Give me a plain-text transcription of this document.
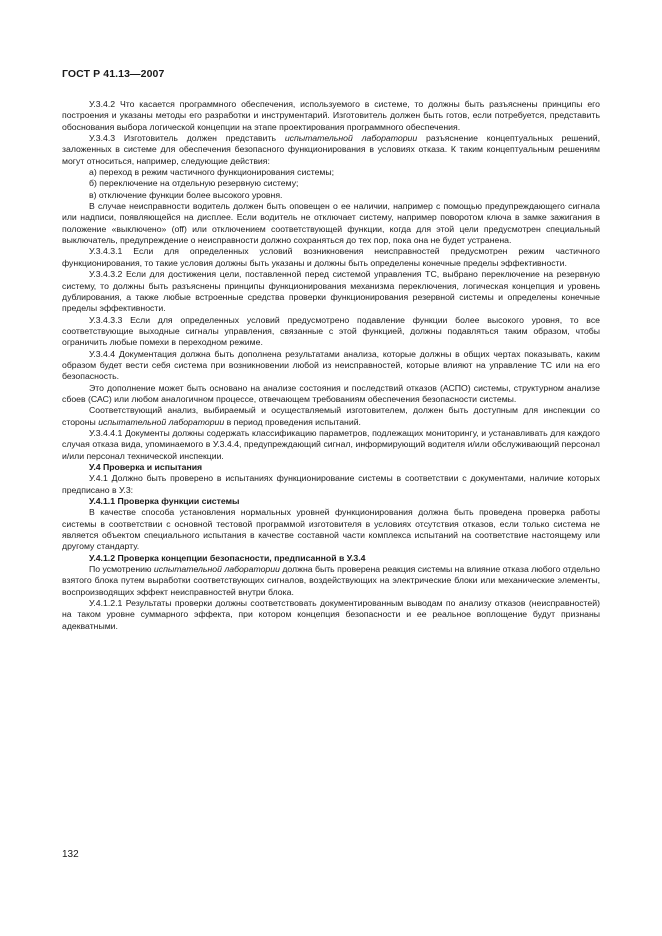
ГОСТ Р 41.13—2007

У.3.4.2 Что касается программного обеспечения, используемого в системе, то должны быть разъяснены принципы его построения и указаны методы его разработки и инструментарий. Изготовитель должен быть готов, если потребуется, представить обоснования выбора логической концепции на этапе проектирования программного обеспечения.

У.3.4.3 Изготовитель должен представить испытательной лаборатории разъяснение концептуальных решений, заложенных в системе для обеспечения безопасного функционирования в условиях отказа. К таким концептуальным решениям могут относиться, например, следующие действия:

а) переход в режим частичного функционирования системы;

б) переключение на отдельную резервную систему;

в) отключение функции более высокого уровня.

В случае неисправности водитель должен быть оповещен о ее наличии, например с помощью предупреждающего сигнала или надписи, появляющейся на дисплее. Если водитель не отключает систему, например поворотом ключа в замке зажигания в положение «выключено» (off) или отключением соответствующей функции, когда для этой цели предусмотрен специальный выключатель, предупреждение о неисправности должно сохраняться до тех пор, пока она не будет устранена.

У.3.4.3.1 Если для определенных условий возникновения неисправностей предусмотрен режим частичного функционирования, то такие условия должны быть указаны и должны быть определены конечные пределы эффективности.

У.3.4.3.2 Если для достижения цели, поставленной перед системой управления ТС, выбрано переключение на резервную систему, то должны быть разъяснены принципы функционирования механизма переключения, логическая концепция и уровень дублирования, а также любые встроенные средства проверки функционирования резервной системы и определены конечные пределы эффективности.

У.3.4.3.3 Если для определенных условий предусмотрено подавление функции более высокого уровня, то все соответствующие выходные сигналы управления, связанные с этой функцией, должны подавляться таким образом, чтобы ограничить любые помехи в переходном режиме.

У.3.4.4 Документация должна быть дополнена результатами анализа, которые должны в общих чертах показывать, каким образом будет вести себя система при возникновении любой из неисправностей, которые влияют на управление ТС или на его безопасность.

Это дополнение может быть основано на анализе состояния и последствий отказов (АСПО) системы, структурном анализе сбоев (САС) или любом аналогичном процессе, отвечающем требованиям обеспечения безопасности системы.

Соответствующий анализ, выбираемый и осуществляемый изготовителем, должен быть доступным для инспекции со стороны испытательной лаборатории в период проведения испытаний.

У.3.4.4.1 Документы должны содержать классификацию параметров, подлежащих мониторингу, и устанавливать для каждого случая отказа вида, упоминаемого в У.3.4.4, предупреждающий сигнал, информирующий водителя и/или обслуживающий персонал и/или персонал технической инспекции.

У.4 Проверка и испытания

У.4.1 Должно быть проверено в испытаниях функционирование системы в соответствии с документами, наличие которых предписано в У.3:

У.4.1.1 Проверка функции системы

В качестве способа установления нормальных уровней функционирования должна быть проведена проверка работы системы в соответствии с основной тестовой программой изготовителя в условиях отсутствия отказов, если только система не является объектом специального испытания в качестве составной части комплекса испытаний на соответствие настоящему или другому стандарту.

У.4.1.2 Проверка концепции безопасности, предписанной в У.3.4

По усмотрению испытательной лаборатории должна быть проверена реакция системы на влияние отказа любого отдельно взятого блока путем выработки соответствующих сигналов, воздействующих на электрические блоки или механические элементы, воспроизводящих эффект неисправностей внутри блока.

У.4.1.2.1 Результаты проверки должны соответствовать документированным выводам по анализу отказов (неисправностей) на таком уровне суммарного эффекта, при котором концепция безопасности и ее реальное воплощение будут признаны адекватными.

132
